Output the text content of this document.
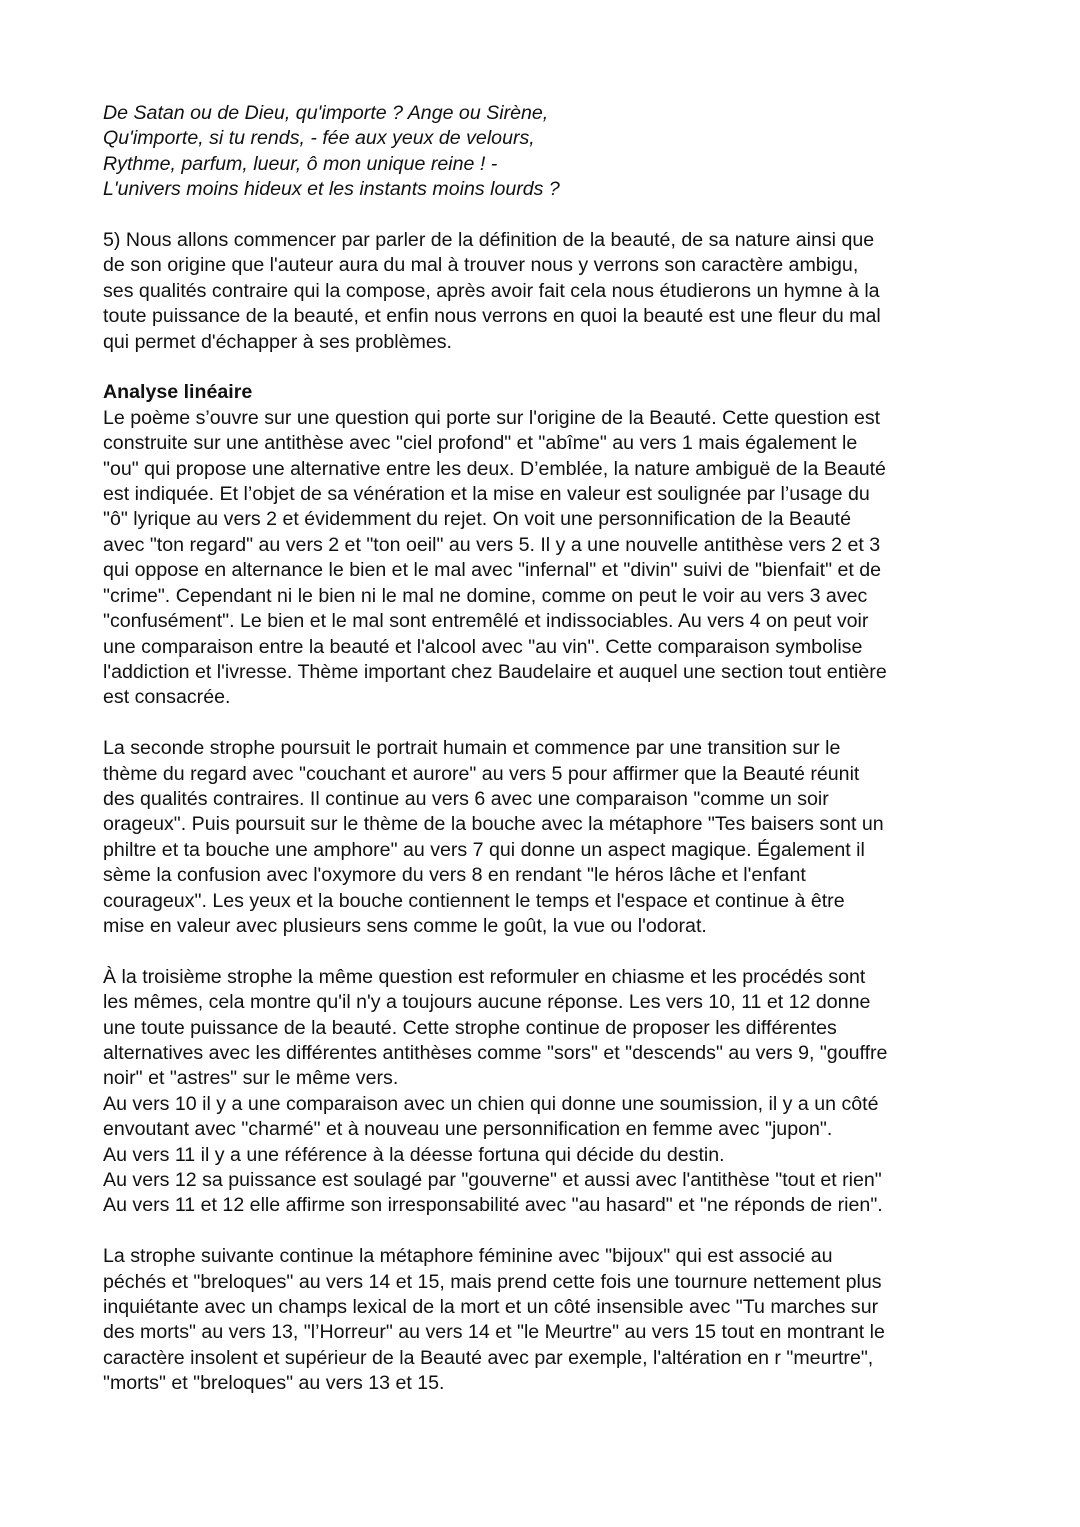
De Satan ou de Dieu, qu'importe ? Ange ou Sirène,
Qu'importe, si tu rends, - fée aux yeux de velours,
Rythme, parfum, lueur, ô mon unique reine ! -
L'univers moins hideux et les instants moins lourds ?

5) Nous allons commencer par parler de la définition de la beauté, de sa nature ainsi que
de son origine que l'auteur aura du mal à trouver nous y verrons son caractère ambigu,
ses qualités contraire qui la compose, après avoir fait cela nous étudierons un hymne à la
toute puissance de la beauté, et enfin nous verrons en quoi la beauté est une fleur du mal
qui permet d'échapper à ses problèmes.

Analyse linéaire

Le poème s’ouvre sur une question qui porte sur l'origine de la Beauté. Cette question est
construite sur une antithèse avec "ciel profond" et "abîme" au vers 1 mais également le
"ou" qui propose une alternative entre les deux. D’emblée, la nature ambiguë de la Beauté
est indiquée. Et l’objet de sa vénération et la mise en valeur est soulignée par l’usage du
"ô" lyrique au vers 2 et évidemment du rejet. On voit une personnification de la Beauté
avec "ton regard" au vers 2 et "ton oeil" au vers 5. Il y a une nouvelle antithèse vers 2 et 3
qui oppose en alternance le bien et le mal avec "infernal" et "divin" suivi de "bienfait" et de
"crime". Cependant ni le bien ni le mal ne domine, comme on peut le voir au vers 3 avec
"confusément". Le bien et le mal sont entremêlé et indissociables. Au vers 4 on peut voir
une comparaison entre la beauté et l'alcool avec "au vin". Cette comparaison symbolise
l'addiction et l'ivresse. Thème important chez Baudelaire et auquel une section tout entière
est consacrée.

La seconde strophe poursuit le portrait humain et commence par une transition sur le
thème du regard avec "couchant et aurore" au vers 5 pour affirmer que la Beauté réunit
des qualités contraires. Il continue au vers 6 avec une comparaison "comme un soir
orageux". Puis poursuit sur le thème de la bouche avec la métaphore "Tes baisers sont un
philtre et ta bouche une amphore" au vers 7 qui donne un aspect magique. Également il
sème la confusion avec l'oxymore du vers 8 en rendant "le héros lâche et l'enfant
courageux". Les yeux et la bouche contiennent le temps et l'espace et continue à être
mise en valeur avec plusieurs sens comme le goût, la vue ou l'odorat.

À la troisième strophe la même question est reformuler en chiasme et les procédés sont
les mêmes, cela montre qu'il n'y a toujours aucune réponse. Les vers 10, 11 et 12 donne
une toute puissance de la beauté. Cette strophe continue de proposer les différentes
alternatives avec les différentes antithèses comme "sors" et "descends" au vers 9, "gouffre
noir" et "astres" sur le même vers.
Au vers 10 il y a une comparaison avec un chien qui donne une soumission, il y a un côté
envoutant avec "charmé" et à nouveau une personnification en femme avec "jupon".
Au vers 11 il y a une référence à la déesse fortuna qui décide du destin.
Au vers 12 sa puissance est soulagé par "gouverne" et aussi avec l'antithèse "tout et rien"
Au vers 11 et 12 elle affirme son irresponsabilité avec "au hasard" et "ne réponds de rien".

La strophe suivante continue la métaphore féminine avec "bijoux" qui est associé au
péchés et "breloques" au vers 14 et 15, mais prend cette fois une tournure nettement plus
inquiétante avec un champs lexical de la mort et un côté insensible avec "Tu marches sur
des morts" au vers 13, "l’Horreur" au vers 14 et "le Meurtre" au vers 15 tout en montrant le
caractère insolent et supérieur de la Beauté avec par exemple, l'altération en r "meurtre",
"morts" et "breloques" au vers 13 et 15.
